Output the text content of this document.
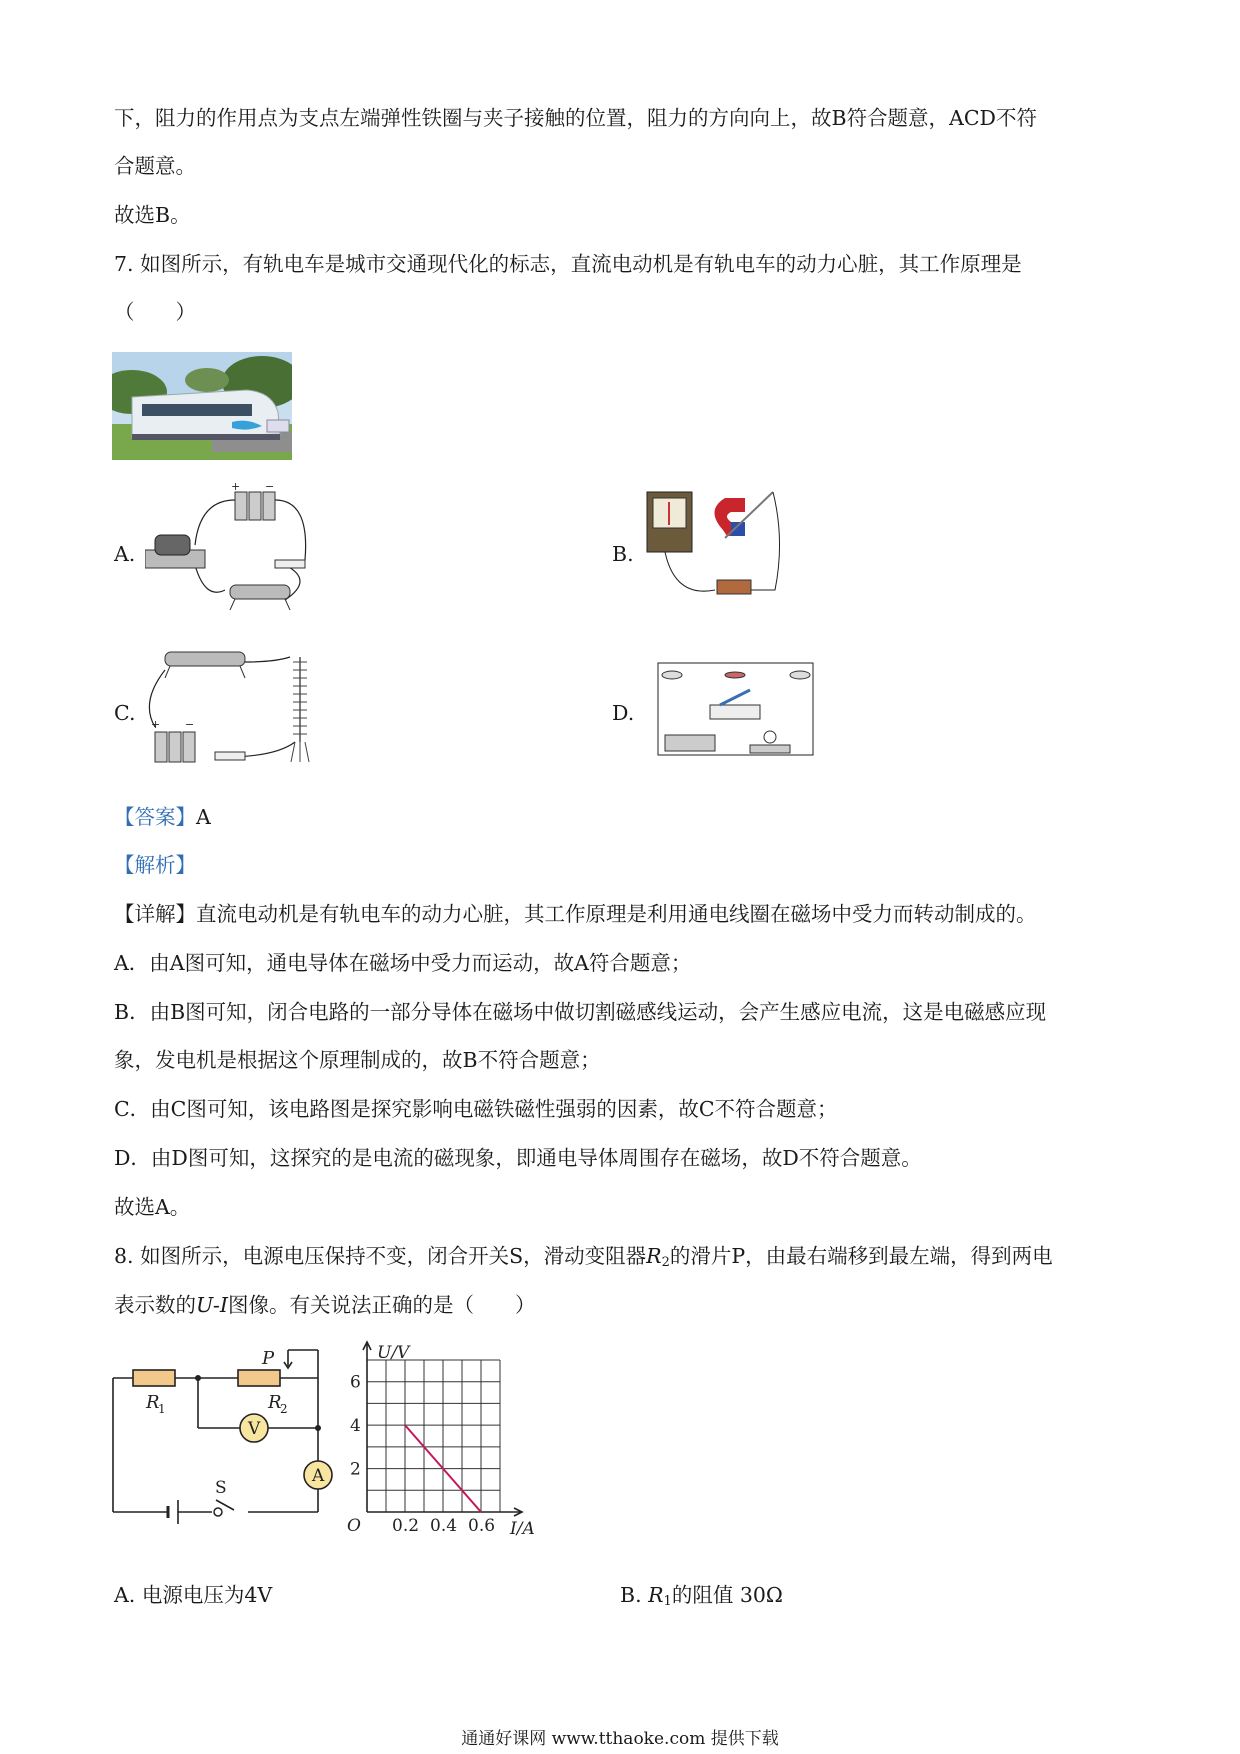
下，阻力的作用点为支点左端弹性铁圈与夹子接触的位置，阻力的方向向上，故B符合题意，ACD不符
合题意。
故选B。
7. 如图所示，有轨电车是城市交通现代化的标志，直流电动机是有轨电车的动力心脏，其工作原理是
（　　）
A.
+ −
B.
C. + −	D.
【答案】A
【解析】
【详解】直流电动机是有轨电车的动力心脏，其工作原理是利用通电线圈在磁场中受力而转动制成的。
A．由A图可知，通电导体在磁场中受力而运动，故A符合题意；
B．由B图可知，闭合电路的一部分导体在磁场中做切割磁感线运动，会产生感应电流，这是电磁感应现
象，发电机是根据这个原理制成的，故B不符合题意；
C．由C图可知，该电路图是探究影响电磁铁磁性强弱的因素，故C不符合题意；
D．由D图可知，这探究的是电流的磁现象，即通电导体周围存在磁场，故D不符合题意。
故选A。
8. 如图所示，电源电压保持不变，闭合开关S，滑动变阻器$R_2$的滑片P，由最右端移到最左端，得到两电
表示数的U-I图像。有关说法正确的是（　　）
V
A
R
1	R
2
P
S
0.2 0.4 0.6
2
4
6
I/A
U/V
O
A. 电源电压为4V	B. $R_1$的阻值 30Ω
通通好课网 www.tthaoke.com 提供下载
